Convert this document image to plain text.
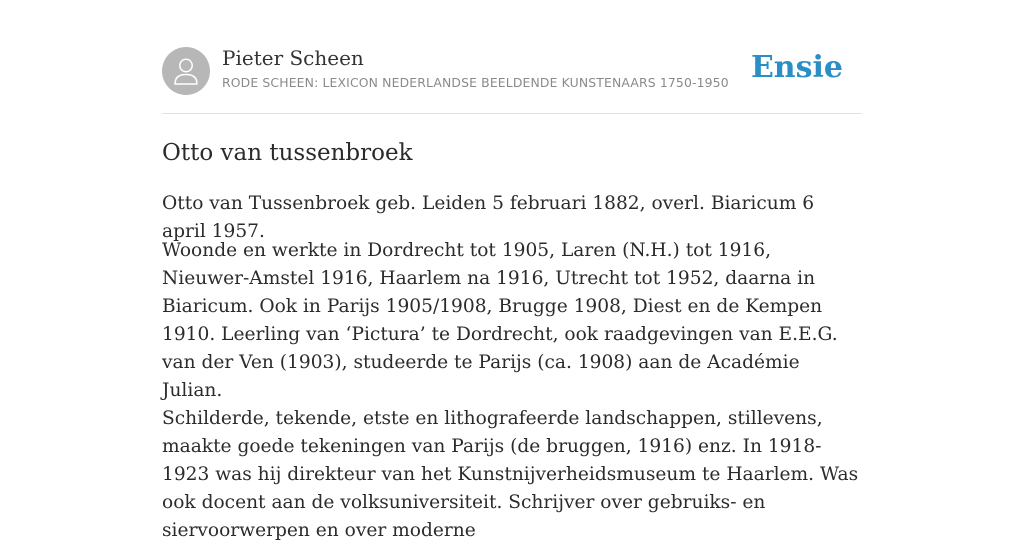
Pieter Scheen
RODE SCHEEN: LEXICON NEDERLANDSE BEELDENDE KUNSTENAARS 1750-1950 Ensie
Otto van tussenbroek

Otto van Tussenbroek geb. Leiden 5 februari 1882, overl. Biaricum 6 april 1957.

Woonde en werkte in Dordrecht tot 1905, Laren (N.H.) tot 1916, Nieuwer-Amstel 1916, Haarlem na 1916, Utrecht tot 1952, daarna in Biaricum. Ook in Parijs 1905/1908, Brugge 1908, Diest en de Kempen 1910. Leerling van ‘Pictura’ te Dordrecht, ook raadgevingen van E.E.G. van der Ven (1903), studeerde te Parijs (ca. 1908) aan de Académie Julian.

Schilderde, tekende, etste en lithografeerde landschappen, stillevens, maakte goede tekeningen van Parijs (de bruggen, 1916) enz. In 1918-1923 was hij direkteur van het Kunstnijverheidsmuseum te Haarlem. Was ook docent aan de volksuniversiteit. Schrijver over gebruiks- en siervoorwerpen en over moderne
